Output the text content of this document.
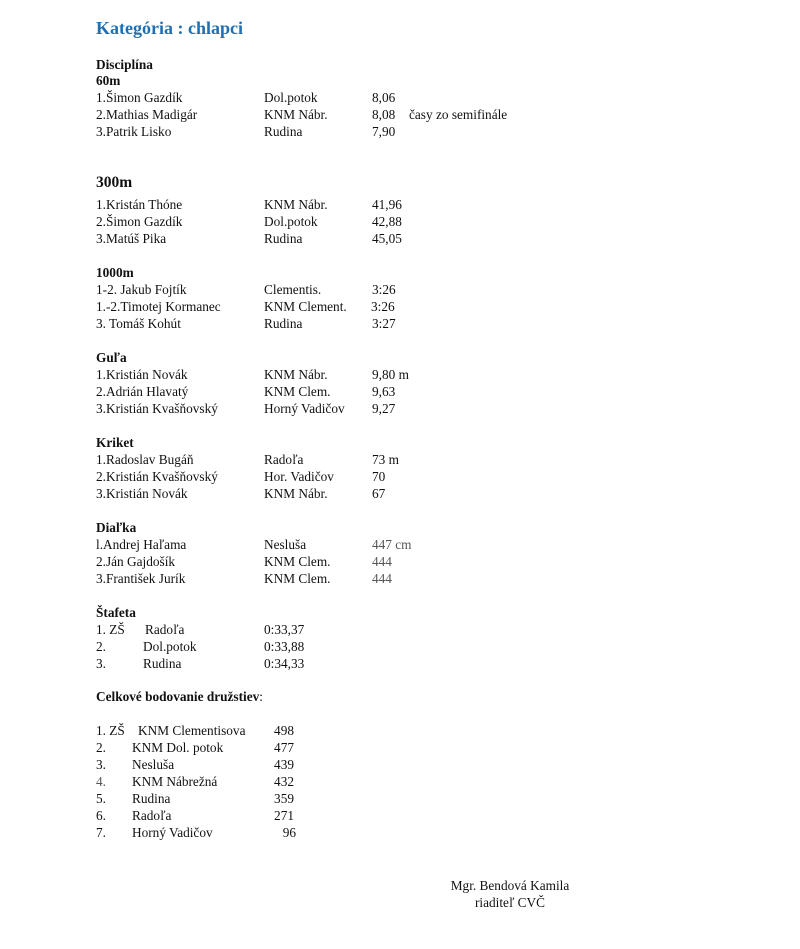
Kategória : chlapci
Disciplína
60m
1.Šimon Gazdík	Dol.potok	8,06
2.Mathias Madigár	KNM Nábr.	8,08 časy zo semifinále
3.Patrik Lisko	Rudina	7,90
300m
1.Kristán Thóne	KNM Nábr.	41,96
2.Šimon Gazdík	Dol.potok	42,88
3.Matúš Pika	Rudina	45,05
1000m
1-2. Jakub Fojtík	Clementis.	3:26
1.-2.Timotej Kormanec	KNM Clement. 3:26
3. Tomáš Kohút	Rudina	3:27
Guľa
1.Kristián Novák	KNM Nábr.	9,80 m
2.Adrián Hlavatý	KNM Clem.	9,63
3.Kristián Kvašňovský	Horný Vadičov 9,27
Kriket
1.Radoslav Bugáň	Radoľa	73 m
2.Kristián Kvašňovský	Hor. Vadičov	70
3.Kristián Novák	KNM Nábr.	67
Diaľka
l.Andrej Haľama	Nesluša	447 cm
2.Ján Gajdošík	KNM Clem.	444
3.František Jurík	KNM Clem.	444
Štafeta
1. ZŠ Radoľa	0:33,37
2.	Dol.potok	0:33,88
3.	Rudina	0:34,33
Celkové bodovanie družstiev:
1. ZŠ KNM Clementisova	498
2. KNM Dol. potok	477
3. Nesluša	439
4. KNM Nábrežná	432
5. Rudina	359
6. Radoľa	271
7. Horný Vadičov	96
Mgr. Bendová Kamila
riaditeľ CVČ
